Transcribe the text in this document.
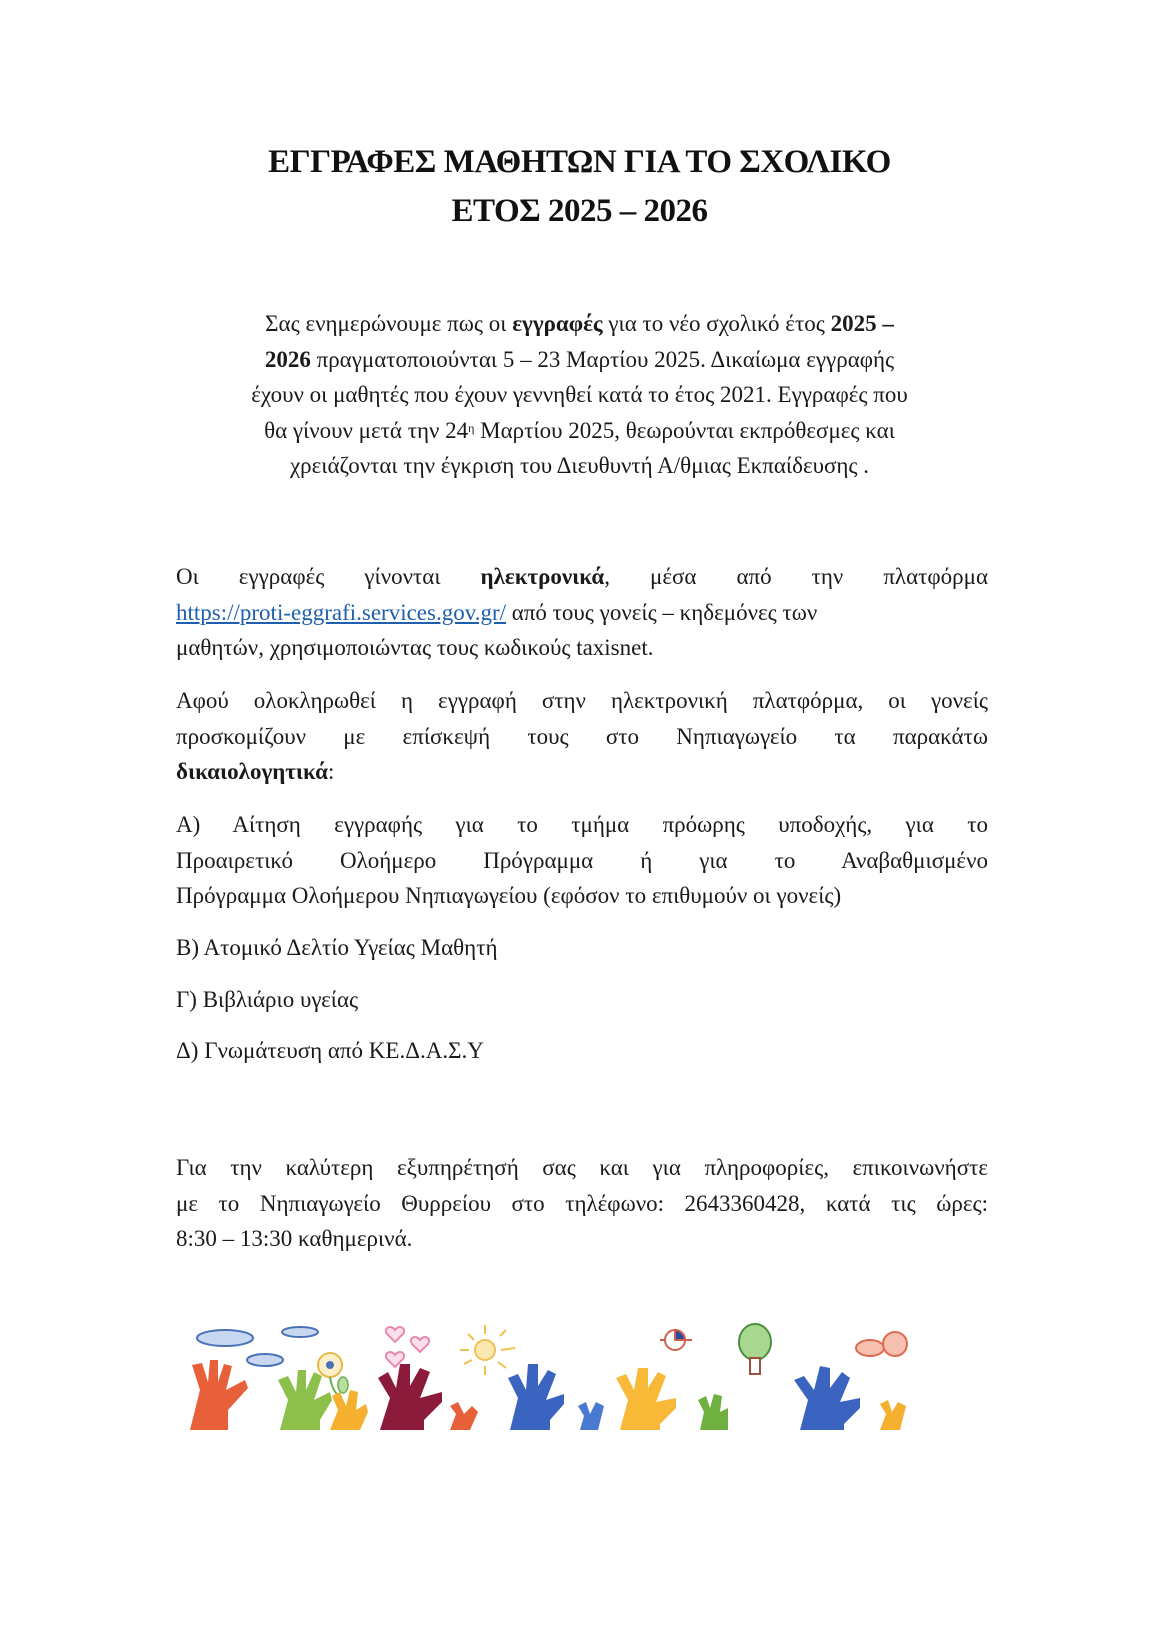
ΕΓΓΡΑΦΕΣ ΜΑΘΗΤΩΝ ΓΙΑ ΤΟ ΣΧΟΛΙΚΟ
ΕΤΟΣ 2025 – 2026
Σας ενημερώνουμε πως οι εγγραφές για το νέο σχολικό έτος 2025 –
2026 πραγματοποιούνται 5 – 23 Μαρτίου 2025. Δικαίωμα εγγραφής
έχουν οι μαθητές που έχουν γεννηθεί κατά το έτος 2021. Εγγραφές που
θα γίνουν μετά την $24^\eta$ Μαρτίου 2025, θεωρούνται εκπρόθεσμες και
χρειάζονται την έγκριση του Διευθυντή Α/θμιας Εκπαίδευσης .

Οι εγγραφές γίνονται ηλεκτρονικά, μέσα από την πλατφόρμα
https://proti-eggrafi.services.gov.gr/ από τους γονείς – κηδεμόνες των
μαθητών, χρησιμοποιώντας τους κωδικούς taxisnet.

Αφού ολοκληρωθεί η εγγραφή στην ηλεκτρονική πλατφόρμα, οι γονείς
προσκομίζουν με επίσκεψή τους στο Νηπιαγωγείο τα παρακάτω
δικαιολογητικά:

Α) Αίτηση εγγραφής για το τμήμα πρόωρης υποδοχής, για το
Προαιρετικό Ολοήμερο Πρόγραμμα ή για το Αναβαθμισμένο
Πρόγραμμα Ολοήμερου Νηπιαγωγείου (εφόσον το επιθυμούν οι γονείς)

Β) Ατομικό Δελτίο Υγείας Μαθητή
Γ) Βιβλιάριο υγείας
Δ) Γνωμάτευση από ΚΕ.Δ.Α.Σ.Υ

Για την καλύτερη εξυπηρέτησή σας και για πληροφορίες, επικοινωνήστε
με το Νηπιαγωγείο Θυρρείου στο τηλέφωνο: 2643360428, κατά τις ώρες:
8:30 – 13:30 καθημερινά.
